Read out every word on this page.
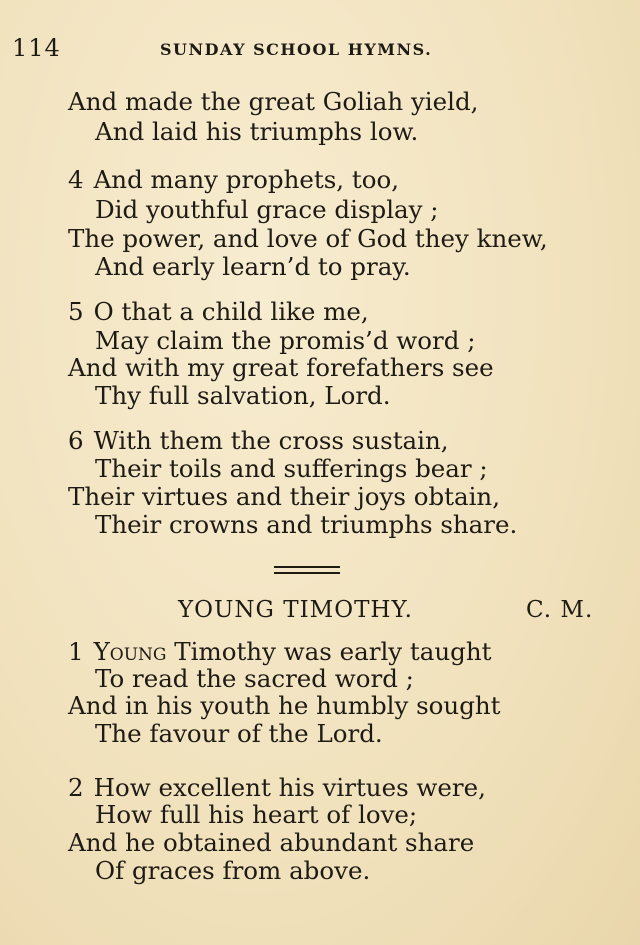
114	SUNDAY SCHOOL HYMNS.
And made the great Goliah yield,
And laid his triumphs low.
4 And many prophets, too,
Did youthful grace display ;
The power, and love of God they knew,
And early learn’d to pray.
5 O that a child like me,
May claim the promis’d word ;
And with my great forefathers see
Thy full salvation, Lord.
6 With them the cross sustain,
Their toils and sufferings bear ;
Their virtues and their joys obtain,
Their crowns and triumphs share.
YOUNG TIMOTHY.	C. M.
1 Young Timothy was early taught
To read the sacred word ;
And in his youth he humbly sought
The favour of the Lord.
2 How excellent his virtues were,
How full his heart of love;
And he obtained abundant share
Of graces from above.
